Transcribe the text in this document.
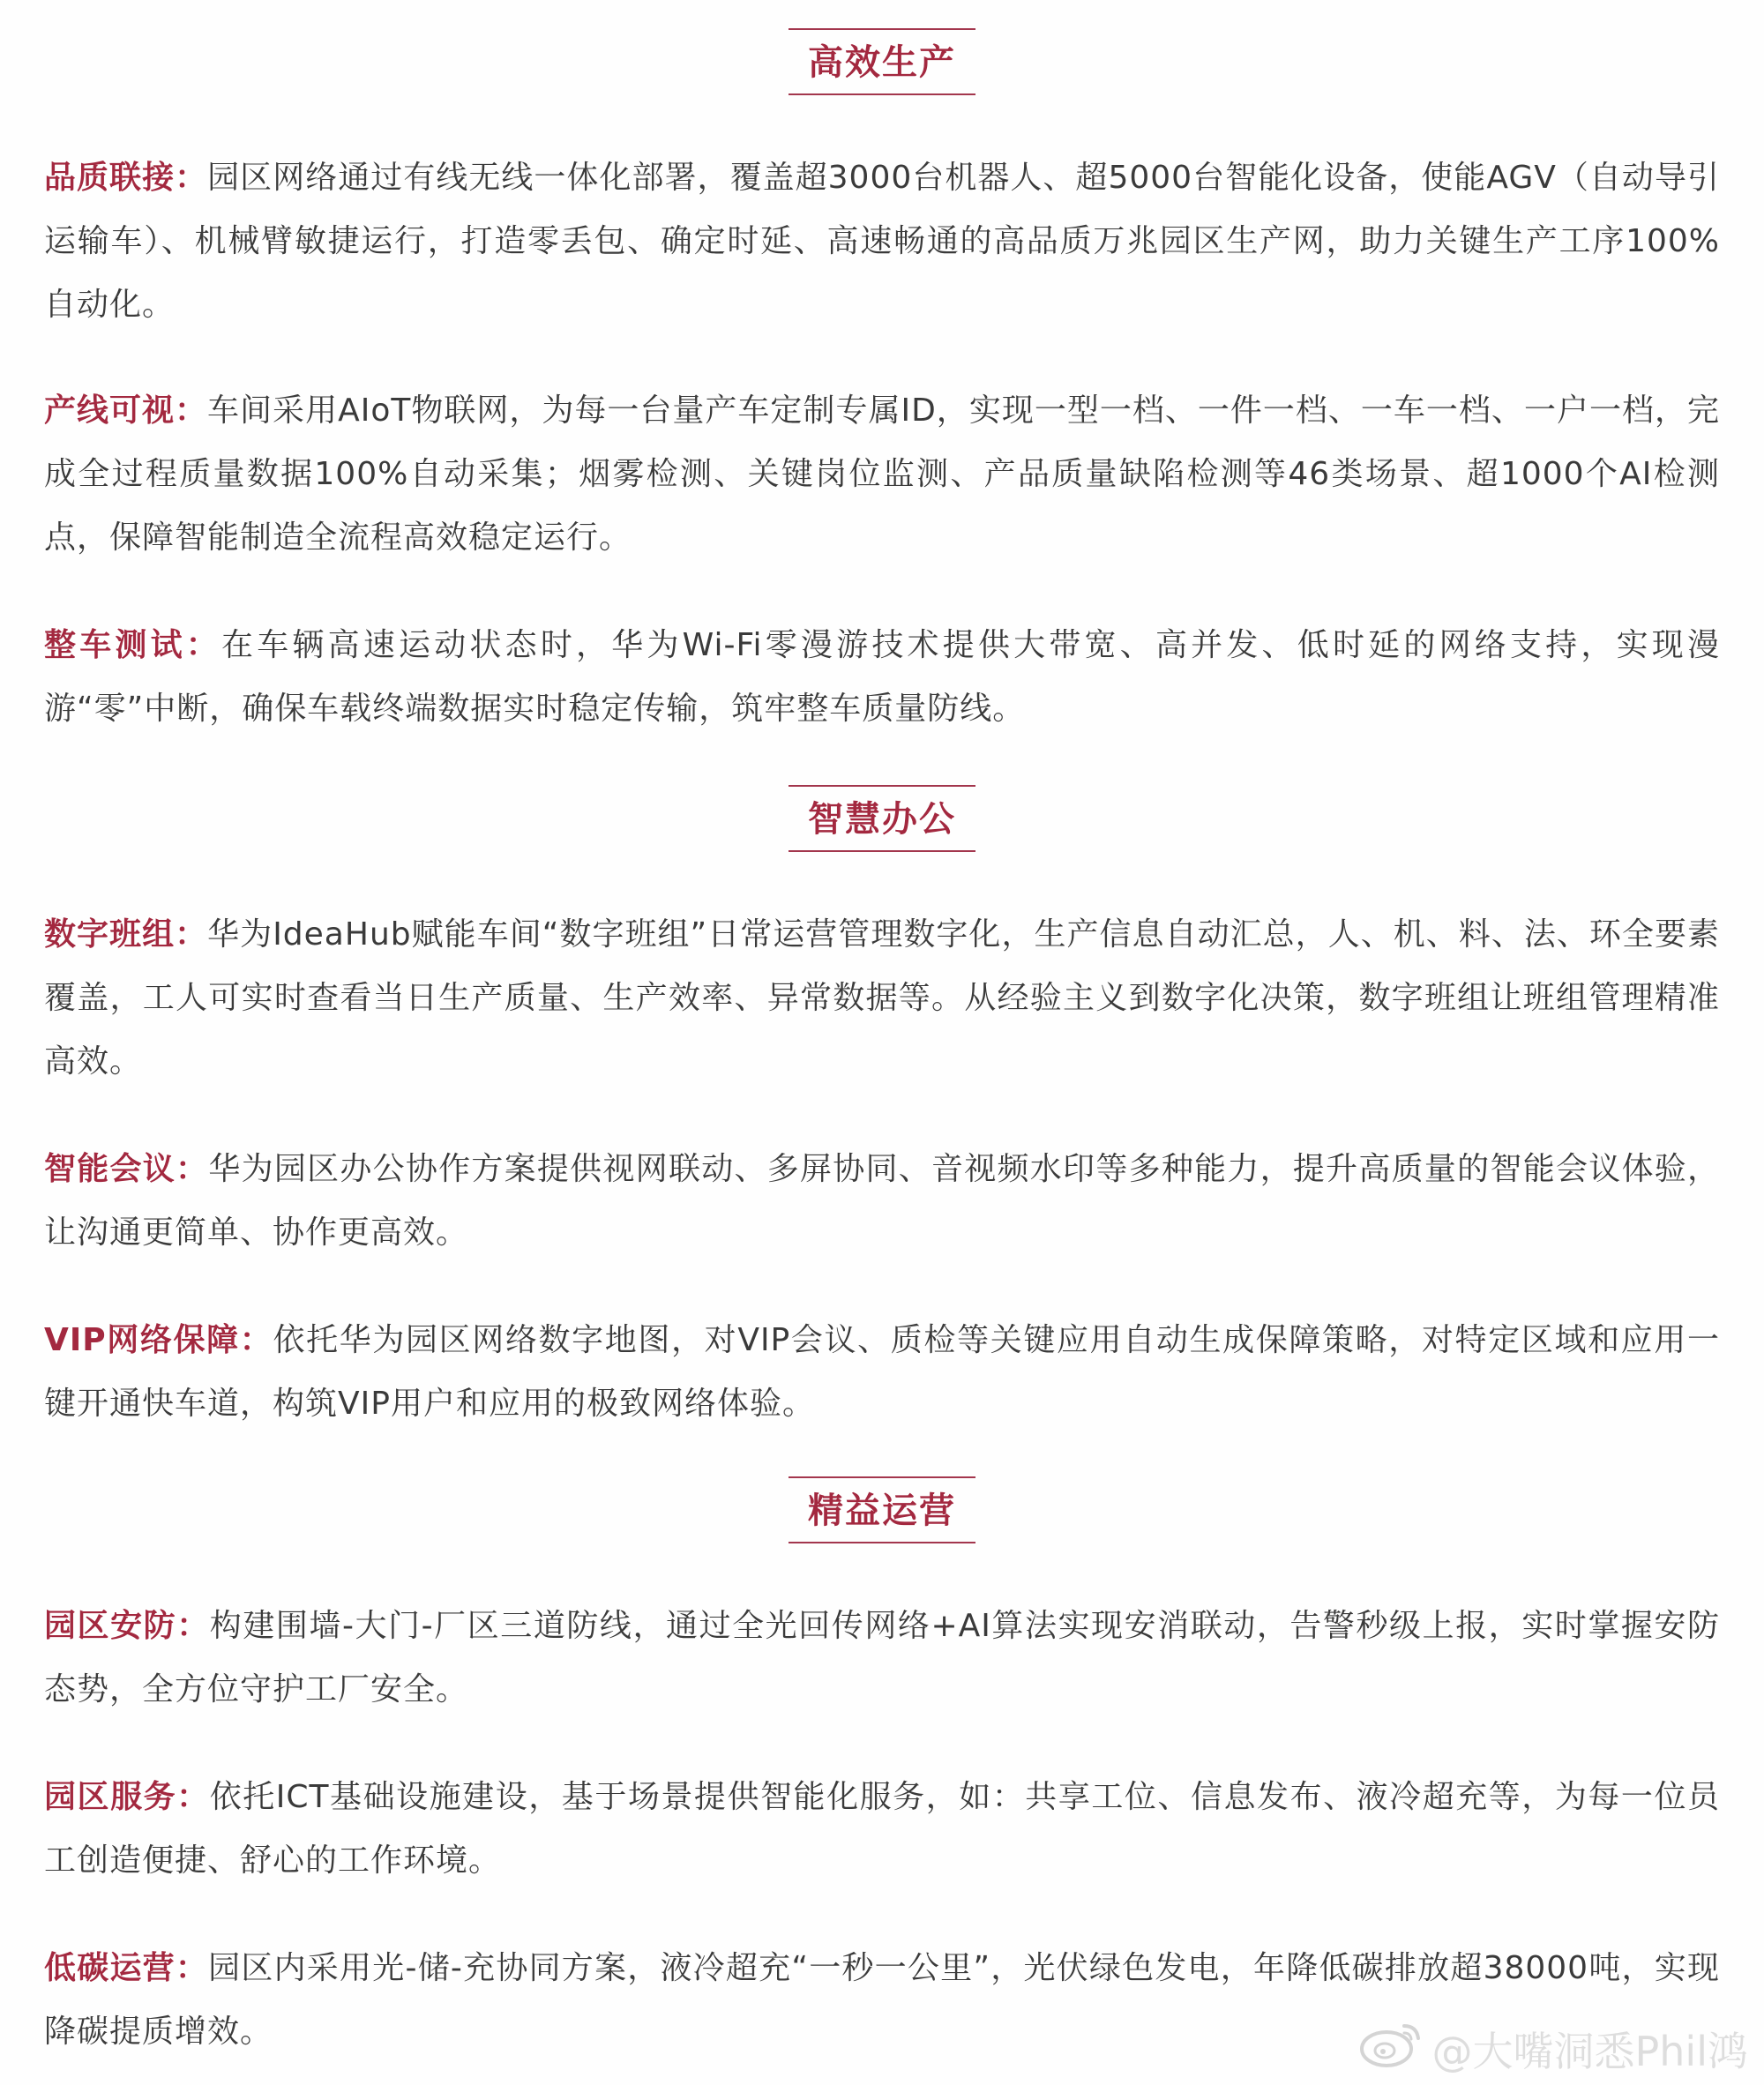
高效生产
品质联接：园区网络通过有线无线一体化部署，覆盖超3000台机器人、超5000台智能化设备，使能AGV（自动导引运输车）、机械臂敏捷运行，打造零丢包、确定时延、高速畅通的高品质万兆园区生产网，助力关键生产工序100%自动化。
产线可视：车间采用AIoT物联网，为每一台量产车定制专属ID，实现一型一档、一件一档、一车一档、一户一档，完成全过程质量数据100%自动采集；烟雾检测、关键岗位监测、产品质量缺陷检测等46类场景、超1000个AI检测点，保障智能制造全流程高效稳定运行。
整车测试：在车辆高速运动状态时，华为Wi-Fi零漫游技术提供大带宽、高并发、低时延的网络支持，实现漫游“零”中断，确保车载终端数据实时稳定传输，筑牢整车质量防线。
智慧办公
数字班组：华为IdeaHub赋能车间“数字班组”日常运营管理数字化，生产信息自动汇总，人、机、料、法、环全要素覆盖，工人可实时查看当日生产质量、生产效率、异常数据等。从经验主义到数字化决策，数字班组让班组管理精准高效。
智能会议：华为园区办公协作方案提供视网联动、多屏协同、音视频水印等多种能力，提升高质量的智能会议体验，让沟通更简单、协作更高效。
VIP网络保障：依托华为园区网络数字地图，对VIP会议、质检等关键应用自动生成保障策略，对特定区域和应用一键开通快车道，构筑VIP用户和应用的极致网络体验。
精益运营
园区安防：构建围墙-大门-厂区三道防线，通过全光回传网络+AI算法实现安消联动，告警秒级上报，实时掌握安防态势，全方位守护工厂安全。
园区服务：依托ICT基础设施建设，基于场景提供智能化服务，如：共享工位、信息发布、液冷超充等，为每一位员工创造便捷、舒心的工作环境。
低碳运营：园区内采用光-储-充协同方案，液冷超充“一秒一公里”，光伏绿色发电，年降低碳排放超38000吨，实现降碳提质增效。	@大嘴洞悉Phil鸿
